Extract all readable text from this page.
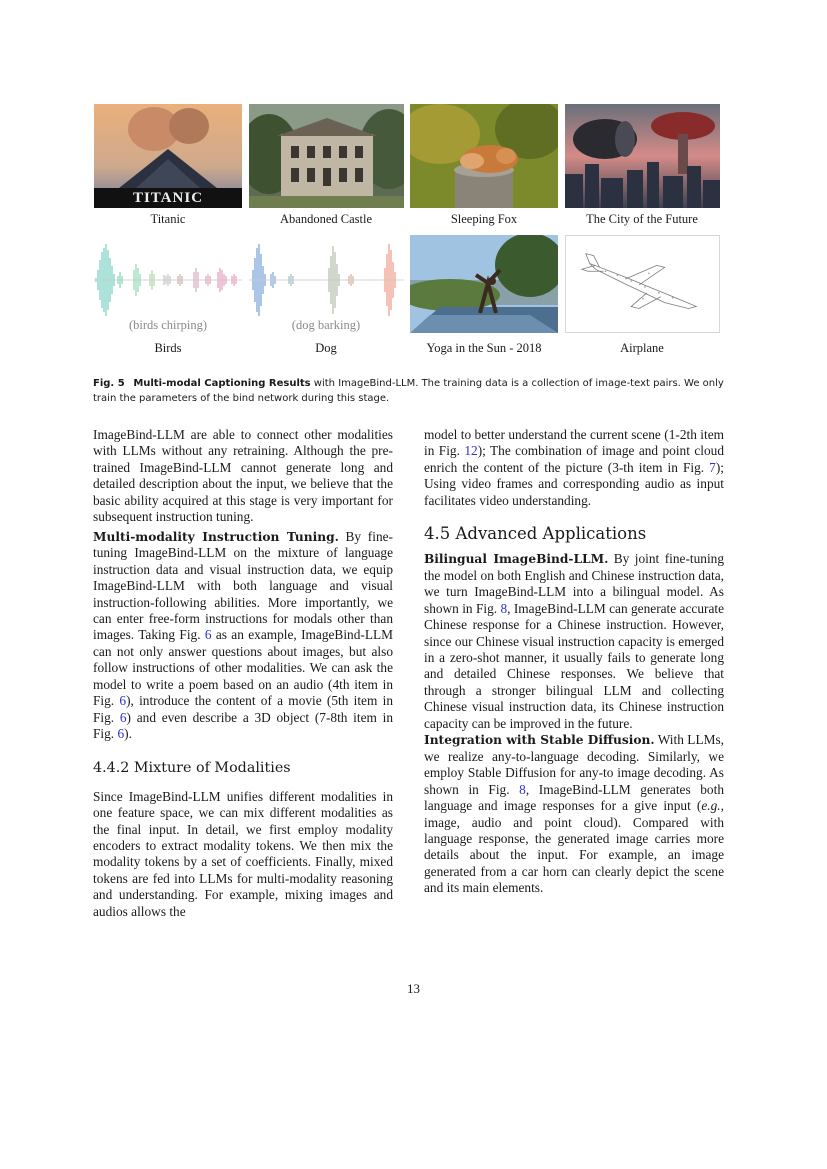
TITANIC
Titanic	Abandoned Castle	Sleeping Fox	The City of the Future
(birds chirping)
Birds
(dog barking)
Dog	Yoga in the Sun - 2018	Airplane
Fig. 5 Multi-modal Captioning Results with ImageBind-LLM. The training data is a collection of image-text pairs. We only train the parameters of the bind network during this stage.

ImageBind-LLM are able to connect other modalities with LLMs without any retraining. Although the pre-trained ImageBind-LLM cannot generate long and detailed description about the input, we believe that the basic ability acquired at this stage is very important for subsequent instruction tuning.

Multi-modality Instruction Tuning. By fine-tuning ImageBind-LLM on the mixture of language instruction data and visual instruction data, we equip ImageBind-LLM with both language and visual instruction-following abilities. More importantly, we can enter free-form instructions for modals other than images. Taking Fig. 6 as an example, ImageBind-LLM can not only answer questions about images, but also follow instructions of other modalities. We can ask the model to write a poem based on an audio (4th item in Fig. 6), introduce the content of a movie (5th item in Fig. 6) and even describe a 3D object (7-8th item in Fig. 6).

4.4.2 Mixture of Modalities

Since ImageBind-LLM unifies different modalities in one feature space, we can mix different modalities as the final input. In detail, we first employ modality encoders to extract modality tokens. We then mix the modality tokens by a set of coefficients. Finally, mixed tokens are fed into LLMs for multi-modality reasoning and understanding. For example, mixing images and audios allows the

model to better understand the current scene (1-2th item in Fig. 12); The combination of image and point cloud enrich the content of the picture (3-th item in Fig. 7); Using video frames and corresponding audio as input facilitates video understanding.

4.5 Advanced Applications

Bilingual ImageBind-LLM. By joint fine-tuning the model on both English and Chinese instruction data, we turn ImageBind-LLM into a bilingual model. As shown in Fig. 8, ImageBind-LLM can generate accurate Chinese response for a Chinese instruction. However, since our Chinese visual instruction capacity is emerged in a zero-shot manner, it usually fails to generate long and detailed Chinese responses. We believe that through a stronger bilingual LLM and collecting Chinese visual instruction data, its Chinese instruction capacity can be improved in the future.

Integration with Stable Diffusion. With LLMs, we realize any-to-language decoding. Similarly, we employ Stable Diffusion for any-to image decoding. As shown in Fig. 8, ImageBind-LLM generates both language and image responses for a give input (e.g., image, audio and point cloud). Compared with language response, the generated image carries more details about the input. For example, an image generated from a car horn can clearly depict the scene and its main elements.

13
